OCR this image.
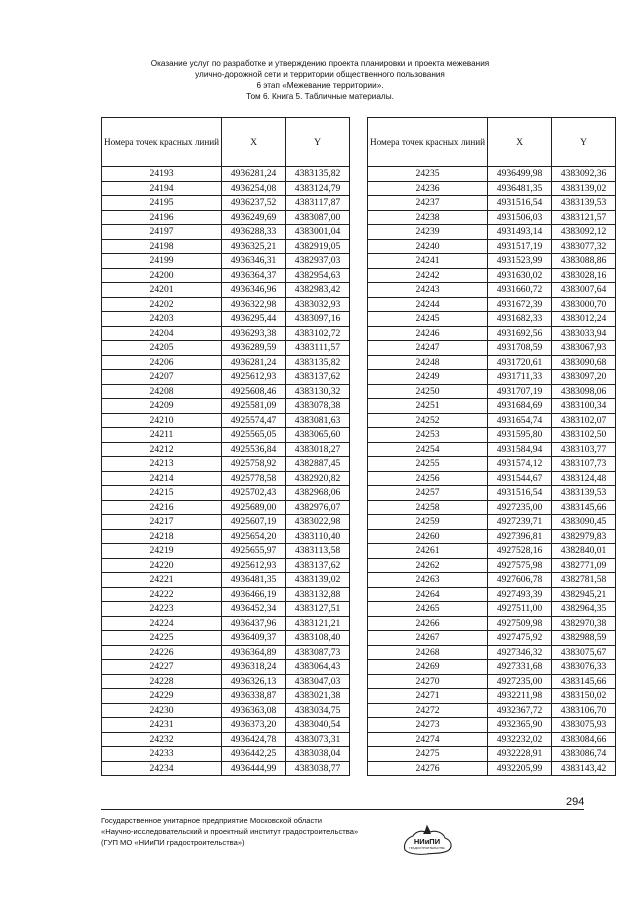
Оказание услуг по разработке и утверждению проекта планировки и проекта межевания
улично-дорожной сети и территории общественного пользования
6 этап «Межевание территории».
Том 6. Книга 5. Табличные материалы.
Номера точек красных линий	X	Y
24193	4936281,24	4383135,82
24194	4936254,08	4383124,79
24195	4936237,52	4383117,87
24196	4936249,69	4383087,00
24197	4936288,33	4383001,04
24198	4936325,21	4382919,05
24199	4936346,31	4382937,03
24200	4936364,37	4382954,63
24201	4936346,96	4382983,42
24202	4936322,98	4383032,93
24203	4936295,44	4383097,16
24204	4936293,38	4383102,72
24205	4936289,59	4383111,57
24206	4936281,24	4383135,82
24207	4925612,93	4383137,62
24208	4925608,46	4383130,32
24209	4925581,09	4383078,38
24210	4925574,47	4383081,63
24211	4925565,05	4383065,60
24212	4925536,84	4383018,27
24213	4925758,92	4382887,45
24214	4925778,58	4382920,82
24215	4925702,43	4382968,06
24216	4925689,00	4382976,07
24217	4925607,19	4383022,98
24218	4925654,20	4383110,40
24219	4925655,97	4383113,58
24220	4925612,93	4383137,62
24221	4936481,35	4383139,02
24222	4936466,19	4383132,88
24223	4936452,34	4383127,51
24224	4936437,96	4383121,21
24225	4936409,37	4383108,40
24226	4936364,89	4383087,73
24227	4936318,24	4383064,43
24228	4936326,13	4383047,03
24229	4936338,87	4383021,38
24230	4936363,08	4383034,75
24231	4936373,20	4383040,54
24232	4936424,78	4383073,31
24233	4936442,25	4383038,04
24234	4936444,99	4383038,77
Номера точек красных линий	X	Y
24235	4936499,98	4383092,36
24236	4936481,35	4383139,02
24237	4931516,54	4383139,53
24238	4931506,03	4383121,57
24239	4931493,14	4383092,12
24240	4931517,19	4383077,32
24241	4931523,99	4383088,86
24242	4931630,02	4383028,16
24243	4931660,72	4383007,64
24244	4931672,39	4383000,70
24245	4931682,33	4383012,24
24246	4931692,56	4383033,94
24247	4931708,59	4383067,93
24248	4931720,61	4383090,68
24249	4931711,33	4383097,20
24250	4931707,19	4383098,06
24251	4931684,69	4383100,34
24252	4931654,74	4383102,07
24253	4931595,80	4383102,50
24254	4931584,94	4383103,77
24255	4931574,12	4383107,73
24256	4931544,67	4383124,48
24257	4931516,54	4383139,53
24258	4927235,00	4383145,66
24259	4927239,71	4383090,45
24260	4927396,81	4382979,83
24261	4927528,16	4382840,01
24262	4927575,98	4382771,09
24263	4927606,78	4382781,58
24264	4927493,39	4382945,21
24265	4927511,00	4382964,35
24266	4927509,98	4382970,38
24267	4927475,92	4382988,59
24268	4927346,32	4383075,67
24269	4927331,68	4383076,33
24270	4927235,00	4383145,66
24271	4932211,98	4383150,02
24272	4932367,72	4383106,70
24273	4932365,90	4383075,93
24274	4932232,02	4383084,66
24275	4932228,91	4383086,74
24276	4932205,99	4383143,42
294
Государственное унитарное предприятие Московской области
«Научно-исследовательский и проектный институт градостроительства»
(ГУП МО «НИиПИ градостроительства»)	НИиПИ
ГРАДОСТРОИТЕЛЬСТВА
